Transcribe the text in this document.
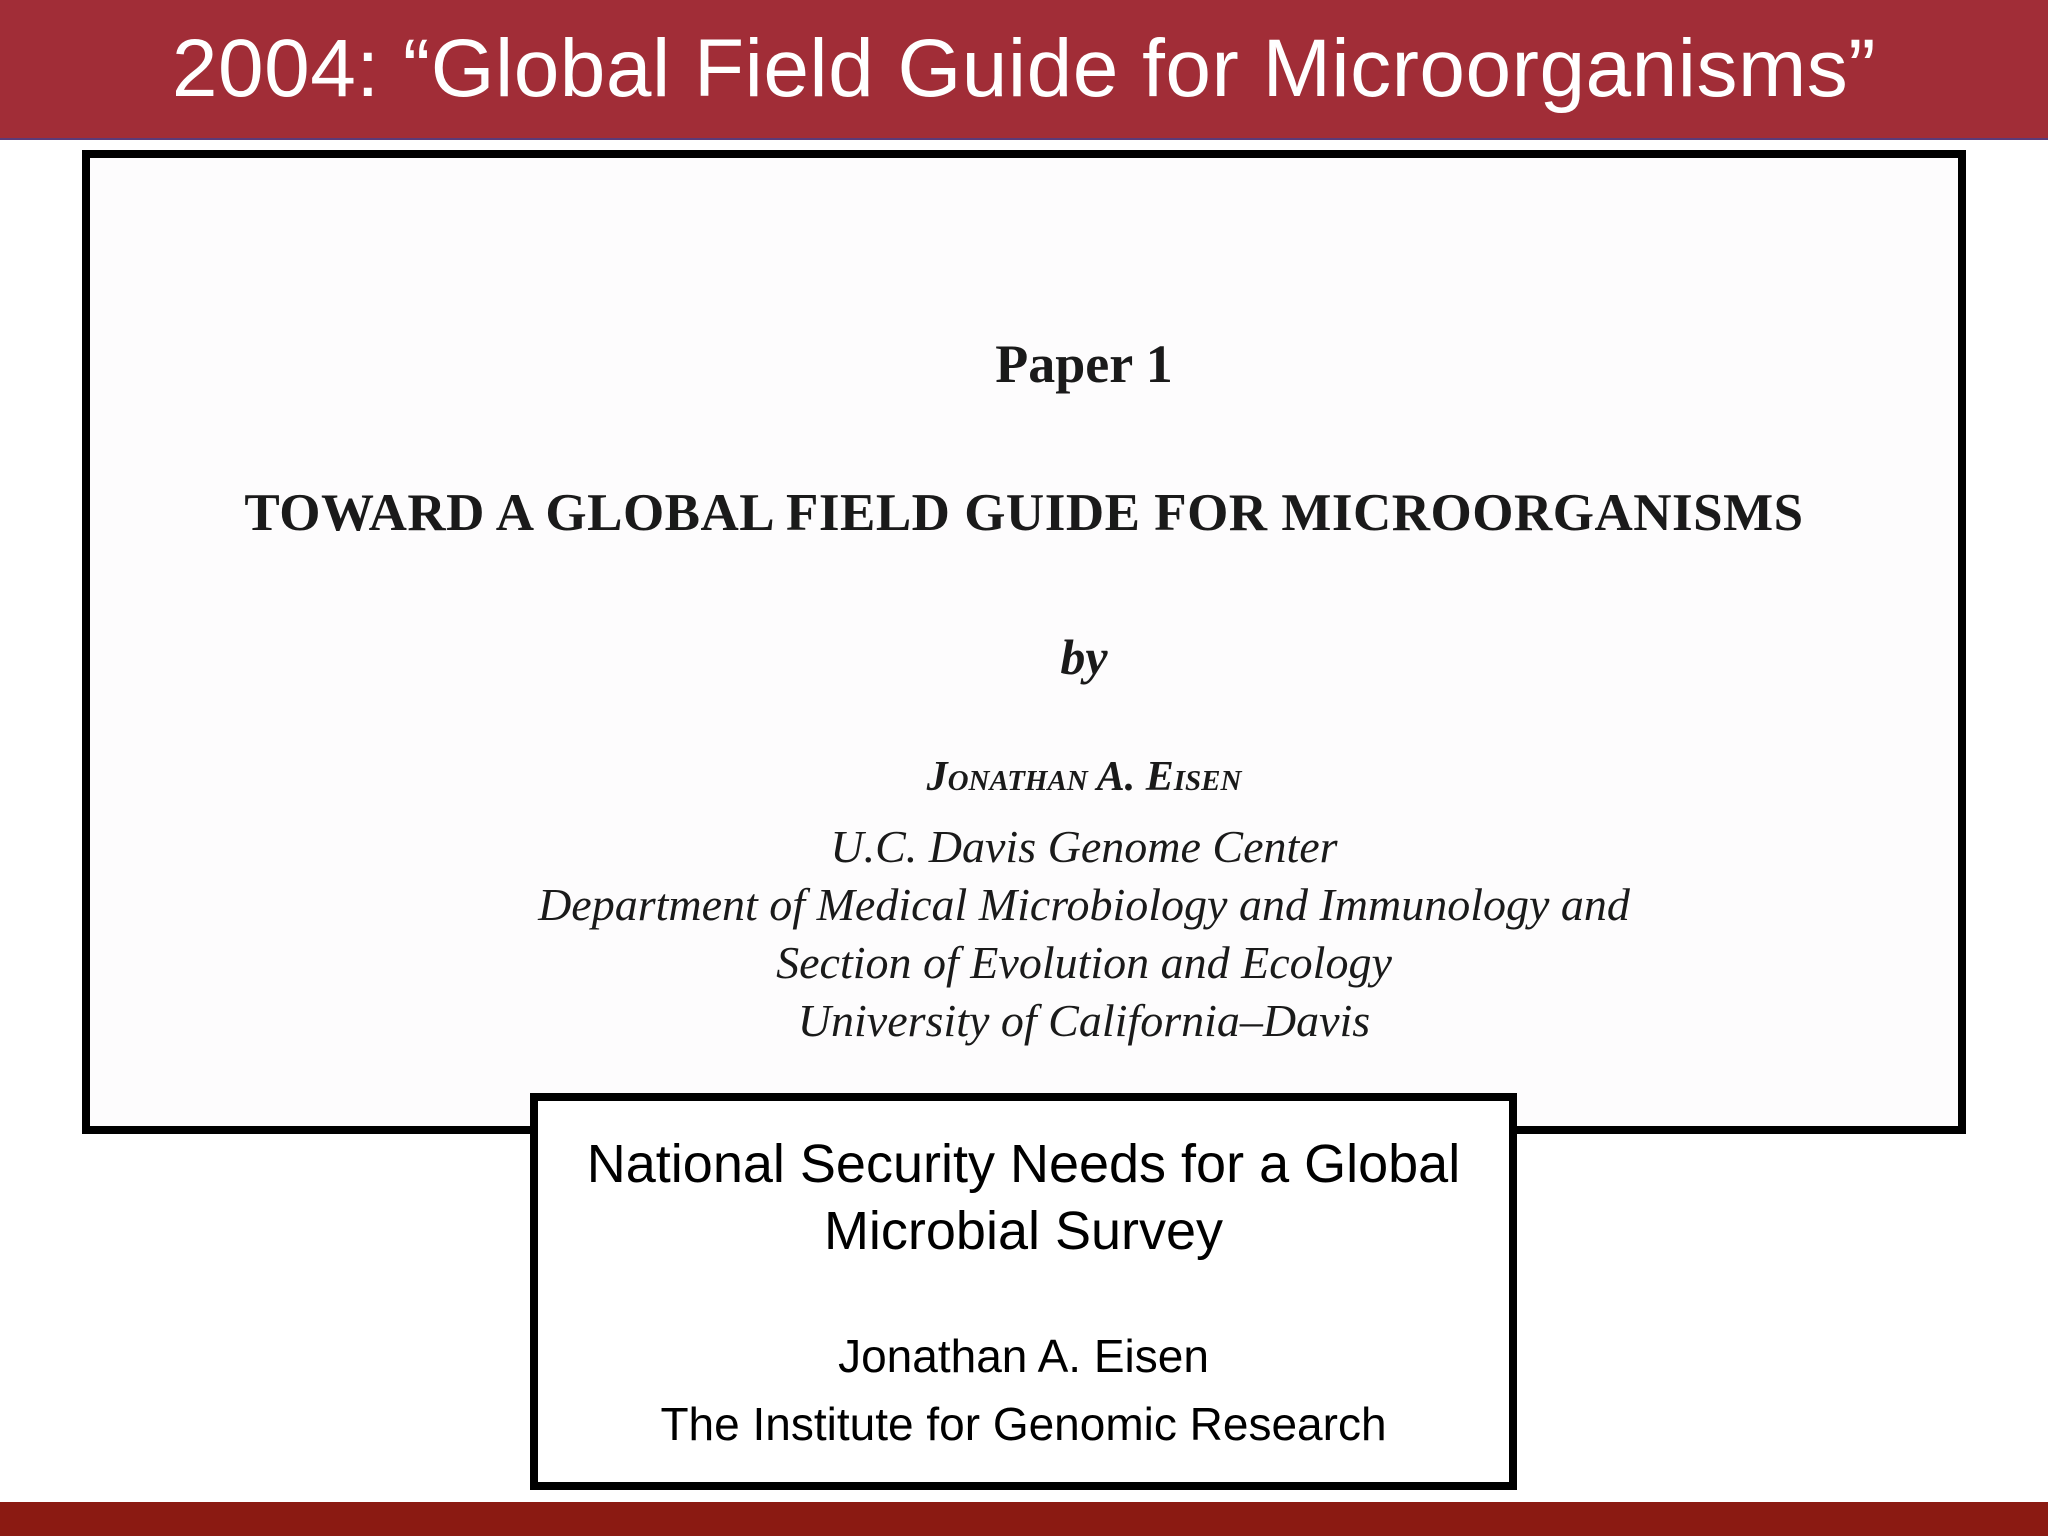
2004: “Global Field Guide for Microorganisms”
Paper 1
TOWARD A GLOBAL FIELD GUIDE FOR MICROORGANISMS
by
Jonathan A. Eisen
U.C. Davis Genome Center
Department of Medical Microbiology and Immunology and
Section of Evolution and Ecology
University of California–Davis
National Security Needs for a Global
Microbial Survey
Jonathan A. Eisen
The Institute for Genomic Research
